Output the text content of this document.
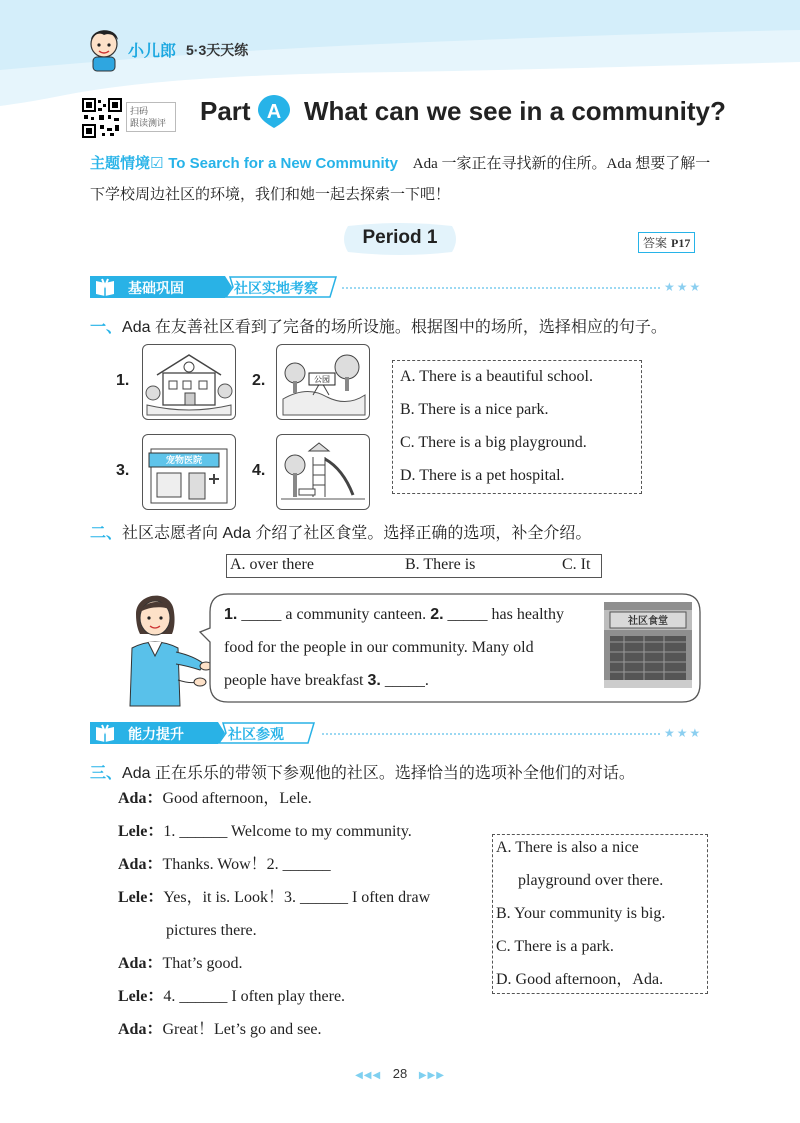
小儿郎 5·3天天练
扫码
跟读测评	Part A What can we see in a community?
主题情境☑ To Search for a New Community Ada 一家正在寻找新的住所。Ada 想要了解一下学校周边社区的环境，我们和她一起去探索一下吧！
Period 1	答案 P17
基础巩固	社区实地考察	★★★
一、Ada 在友善社区看到了完备的场所设施。根据图中的场所，选择相应的句子。
1.	2.	公园
3.
宠物医院
4.
A. There is a beautiful school.
B. There is a nice park.
C. There is a big playground.
D. There is a pet hospital.
二、社区志愿者向 Ada 介绍了社区食堂。选择正确的选项，补全介绍。
A. over there	B. There is	C. It
1. _____ a community canteen. 2. _____ has healthy
food for the people in our community. Many old
people have breakfast 3. _____.
社区食堂
能力提升	社区参观	★★★
三、Ada 正在乐乐的带领下参观他的社区。选择恰当的选项补全他们的对话。
Ada：Good afternoon，Lele.
Lele：1. ______ Welcome to my community.
Ada：Thanks. Wow！2. ______
Lele：Yes，it is. Look！3. ______ I often draw
pictures there.
Ada：That’s good.
Lele：4. ______ I often play there.
Ada：Great！Let’s go and see.
A. There is also a nice
playground over there.
B. Your community is big.
C. There is a park.
D. Good afternoon，Ada.
◀◀◀ 28 ▶▶▶
